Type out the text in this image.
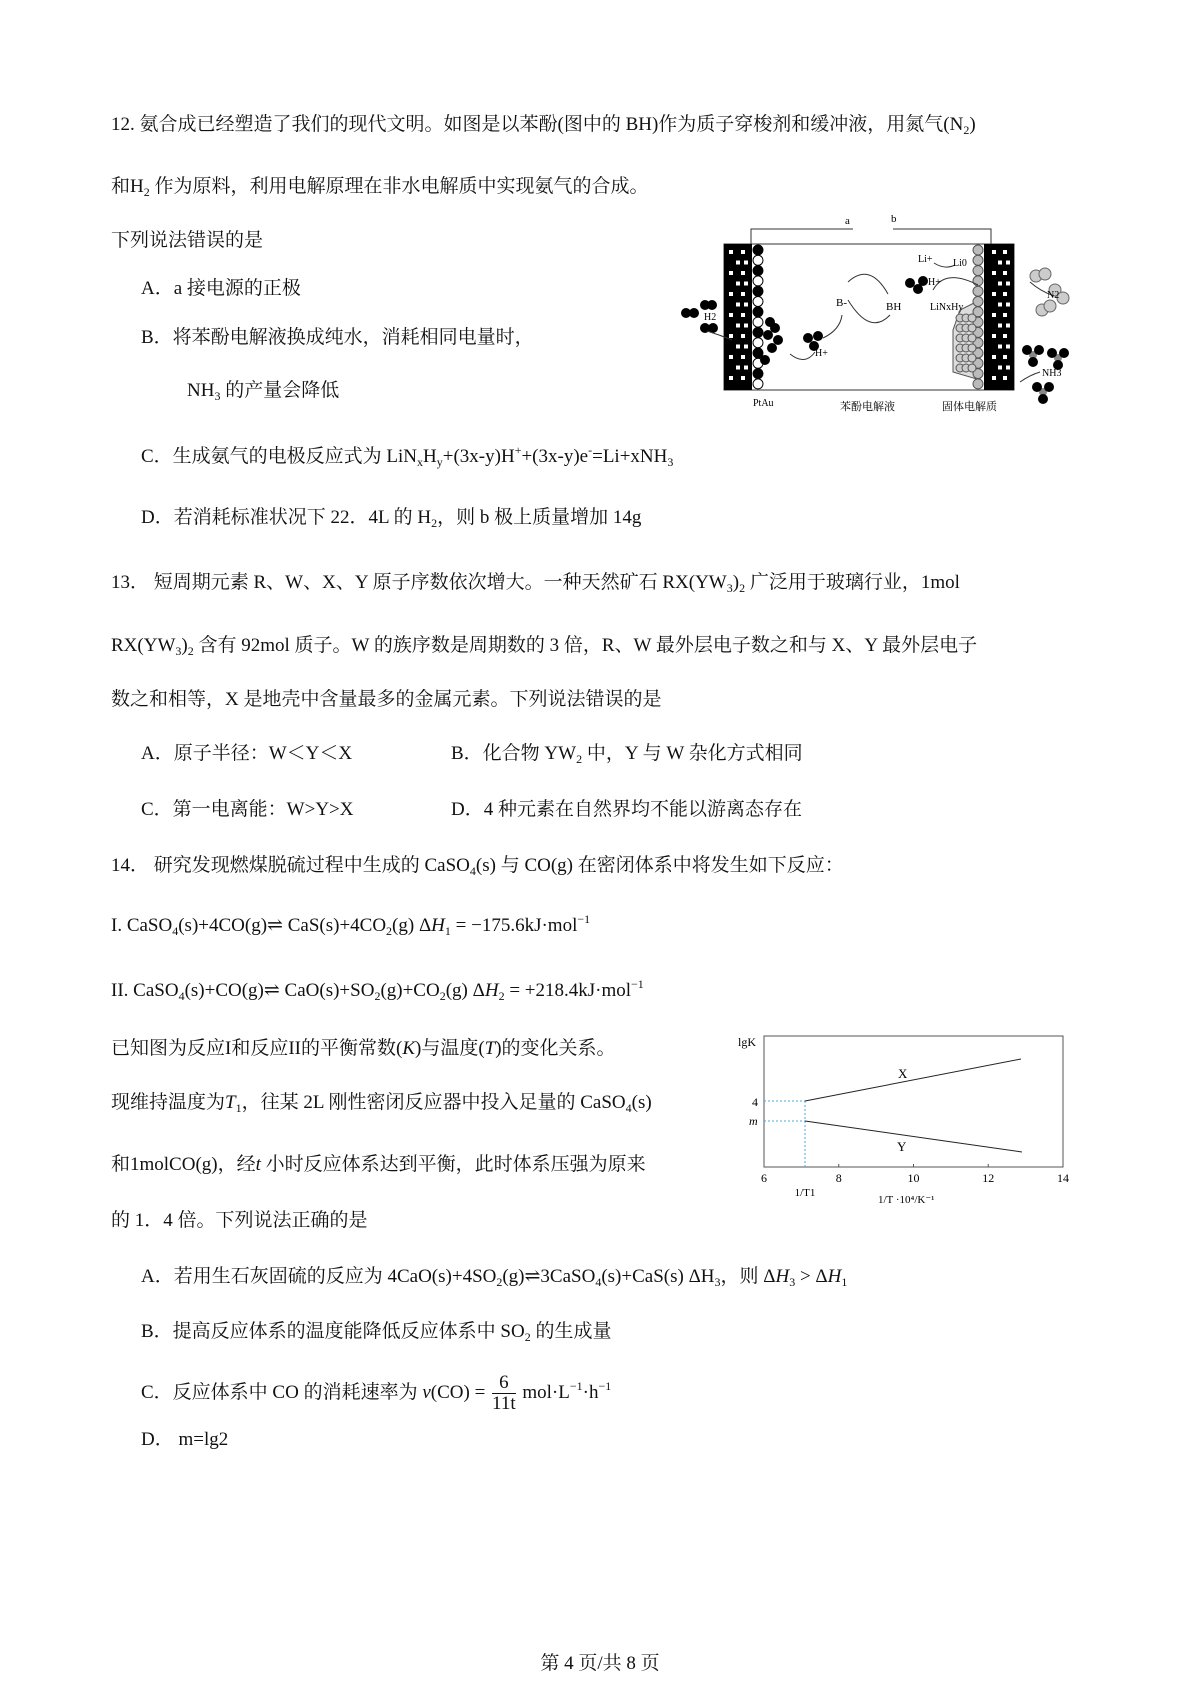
12. 氨合成已经塑造了我们的现代文明。如图是以苯酚(图中的 BH)作为质子穿梭剂和缓冲液，用氮气$(N_2)$
和$H_2$ 作为原料，利用电解原理在非水电解质中实现氨气的合成。
下列说法错误的是
A．a 接电源的正极
B．将苯酚电解液换成纯水，消耗相同电量时，
$NH_3$ 的产量会降低
C．生成氨气的电极反应式为 $LiN_xH_y+(3x-y)H^++(3x-y)e^-=Li+xNH_3$
D．若消耗标准状况下 22．4L 的 $H_2$，则 b 极上质量增加 14g
13． 短周期元素 R、W、X、Y 原子序数依次增大。一种天然矿石 $RX(YW_3)_2$ 广泛用于玻璃行业，1mol
$RX(YW_3)_2$ 含有 92mol 质子。W 的族序数是周期数的 3 倍，R、W 最外层电子数之和与 X、Y 最外层电子
数之和相等，X 是地壳中含量最多的金属元素。下列说法错误的是
A．原子半径：W＜Y＜X	B．化合物 $YW_2$ 中，Y 与 W 杂化方式相同
C．第一电离能：W>Y>X	D．4 种元素在自然界均不能以游离态存在
14． 研究发现燃煤脱硫过程中生成的 CaSO$_4$(s) 与 CO(g) 在密闭体系中将发生如下反应：
I. CaSO$_4$(s)+4CO(g)⇌ $CaS(s)+4CO_2(g) \Delta H_1 = -175.6kJ\cdot mol^{-1}$
II. CaSO$_4$(s)+CO(g)⇌ $CaO(s)+SO_2(g)+CO_2(g) \Delta H_2 = +218.4kJ\cdot mol^{-1}$
已知图为反应I和反应II的平衡常数(K)与温度(T)的变化关系。
现维持温度为$T_1$，往某 2L 刚性密闭反应器中投入足量的 CaSO$_4$(s)
和1molCO(g)，经t 小时反应体系达到平衡，此时体系压强为原来
的 1．4 倍。下列说法正确的是
A．若用生石灰固硫的反应为 $4CaO(s)+4SO_2(g)\rightleftharpoons 3CaSO_4(s)+CaS(s)$ $\Delta H_3$，则 $\Delta H_3 > \Delta H_1$
B．提高反应体系的温度能降低反应体系中 $SO_2$ 的生成量
C．反应体系中 CO 的消耗速率为 $v(CO) = \frac{6}{11t} mol\cdot L^{-1}\cdot h^{-1}$
D． m=lg2
a	b
H2
H+
B-	BH
H+
Li+ Li0
LiNxHy
N2
NH3
PtAu	苯酚电解液	固体电解质
X
Y
lgK
4
m
6	8	10	12	14
1/T1
1/T ·10⁴/K⁻¹
第 4 页/共 8 页
